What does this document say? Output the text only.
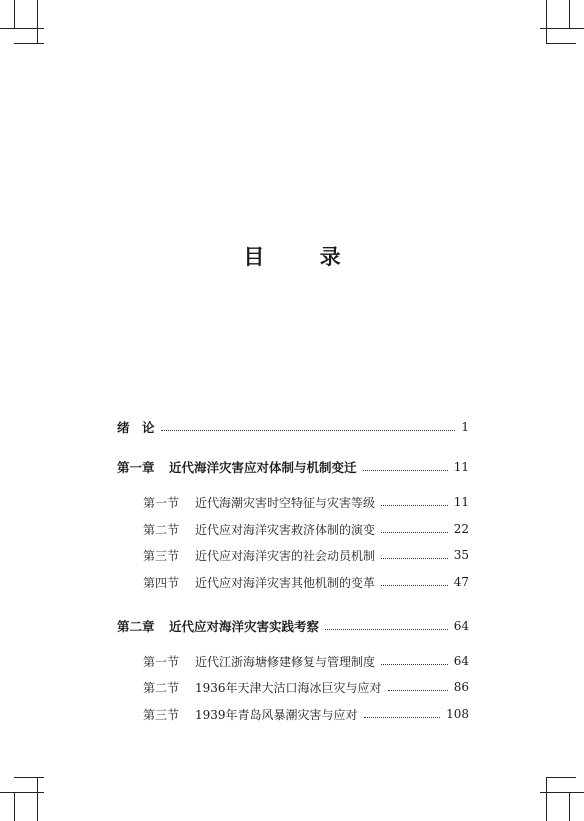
目 录
绪　论	1
第一章	近代海洋灾害应对体制与机制变迁	11
第一节	近代海潮灾害时空特征与灾害等级	11
第二节	近代应对海洋灾害救济体制的演变	22
第三节	近代应对海洋灾害的社会动员机制	35
第四节	近代应对海洋灾害其他机制的变革	47
第二章	近代应对海洋灾害实践考察	64
第一节	近代江浙海塘修建修复与管理制度	64
第二节	1936年天津大沽口海冰巨灾与应对	86
第三节	1939年青岛风暴潮灾害与应对	108
